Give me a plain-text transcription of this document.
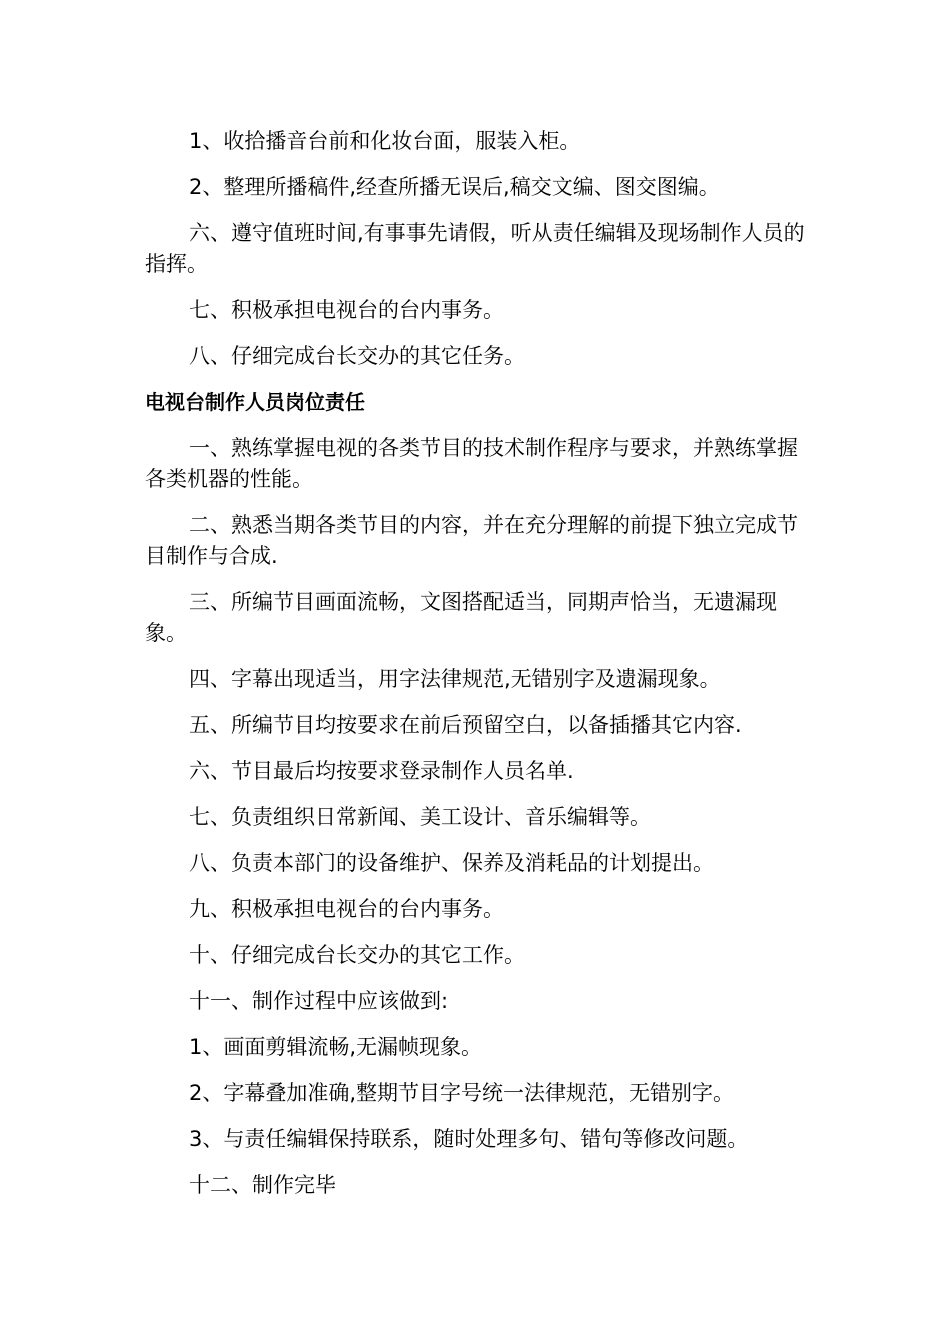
1、收拾播音台前和化妆台面，服装入柜。

2、整理所播稿件,经查所播无误后,稿交文编、图交图编。

六、遵守值班时间,有事事先请假，听从责任编辑及现场制作人员的指挥。

七、积极承担电视台的台内事务。

八、仔细完成台长交办的其它任务。

电视台制作人员岗位责任

一、熟练掌握电视的各类节目的技术制作程序与要求，并熟练掌握各类机器的性能。

二、熟悉当期各类节目的内容，并在充分理解的前提下独立完成节目制作与合成.

三、所编节目画面流畅，文图搭配适当，同期声恰当，无遗漏现象。

四、字幕出现适当，用字法律规范,无错别字及遗漏现象。

五、所编节目均按要求在前后预留空白，以备插播其它内容.

六、节目最后均按要求登录制作人员名单.

七、负责组织日常新闻、美工设计、音乐编辑等。

八、负责本部门的设备维护、保养及消耗品的计划提出。

九、积极承担电视台的台内事务。

十、仔细完成台长交办的其它工作。

十一、制作过程中应该做到:

1、画面剪辑流畅,无漏帧现象。

2、字幕叠加准确,整期节目字号统一法律规范，无错别字。

3、与责任编辑保持联系，随时处理多句、错句等修改问题。

十二、制作完毕
